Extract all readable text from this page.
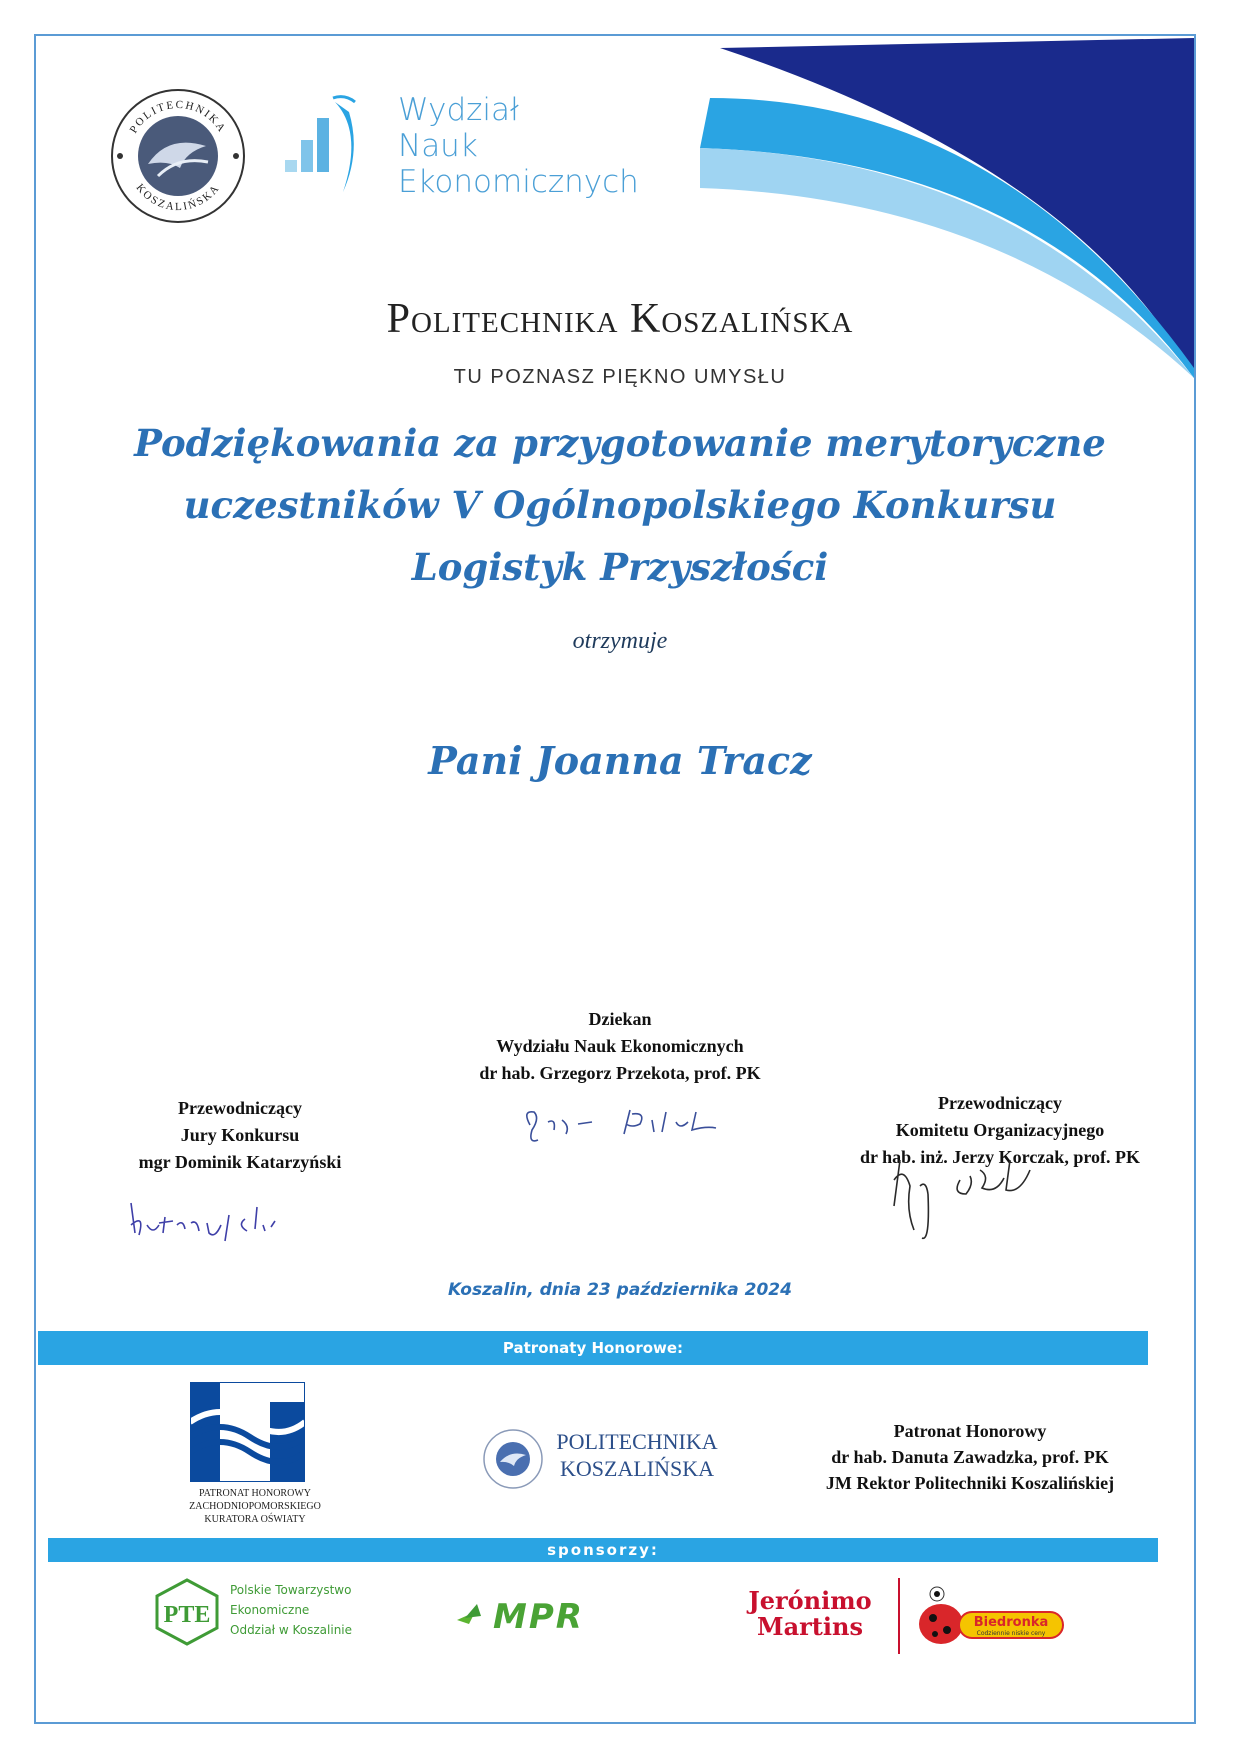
POLITECHNIKA
KOSZALIŃSKA
Wydział
Nauk
Ekonomicznych
Politechnika Koszalińska
TU POZNASZ PIĘKNO UMYSŁU
Podziękowania za przygotowanie merytoryczne
uczestników V Ogólnopolskiego Konkursu
Logistyk Przyszłości
otrzymuje
Pani Joanna Tracz
Dziekan
Wydziału Nauk Ekonomicznych
dr hab. Grzegorz Przekota, prof. PK
Przewodniczący
Jury Konkursu
mgr Dominik Katarzyński
Przewodniczący
Komitetu Organizacyjnego
dr hab. inż. Jerzy Korczak, prof. PK
Koszalin, dnia 23 października 2024
Patronaty Honorowe:
PATRONAT HONOROWY
ZACHODNIOPOMORSKIEGO
KURATORA OŚWIATY
POLITECHNIKA
KOSZALIŃSKA
Patronat Honorowy
dr hab. Danuta Zawadzka, prof. PK
JM Rektor Politechniki Koszalińskiej
sponsorzy:
PTE
Polskie Towarzystwo
Ekonomiczne
Oddział w Koszalinie	MPR	Jerónimo
Martins	Biedronka
Codziennie niskie ceny
